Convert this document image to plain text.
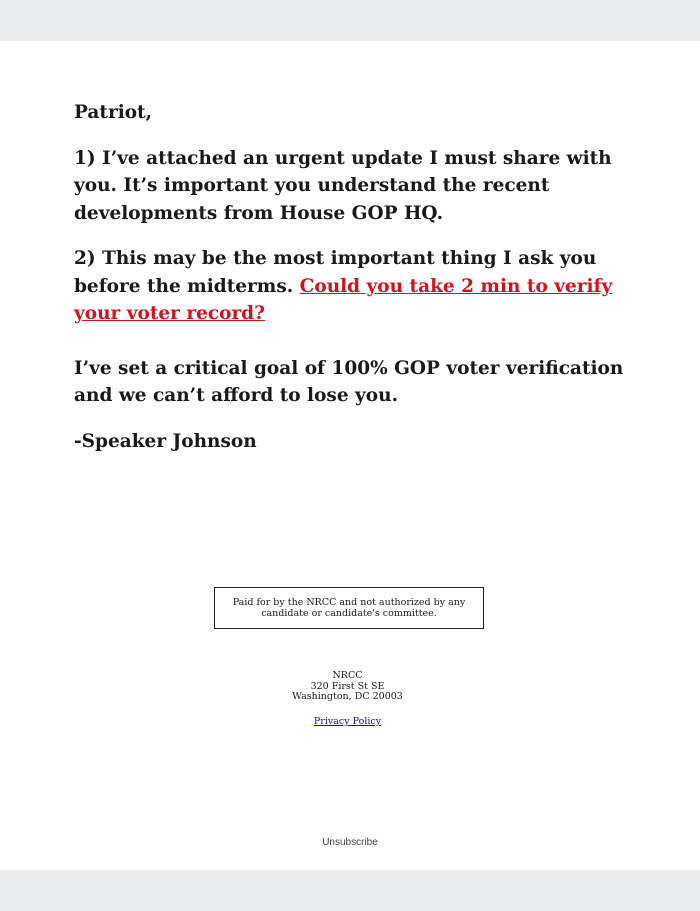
Patriot,

1) I’ve attached an urgent update I must share with you. It’s important you understand the recent developments from House GOP HQ.

2) This may be the most important thing I ask you before the midterms. Could you take 2 min to verify your voter record?

I’ve set a critical goal of 100% GOP voter verification and we can’t afford to lose you.

-Speaker Johnson

Paid for by the NRCC and not authorized by any
candidate or candidate's committee.
NRCC
320 First St SE
Washington, DC 20003
Privacy Policy
Unsubscribe
